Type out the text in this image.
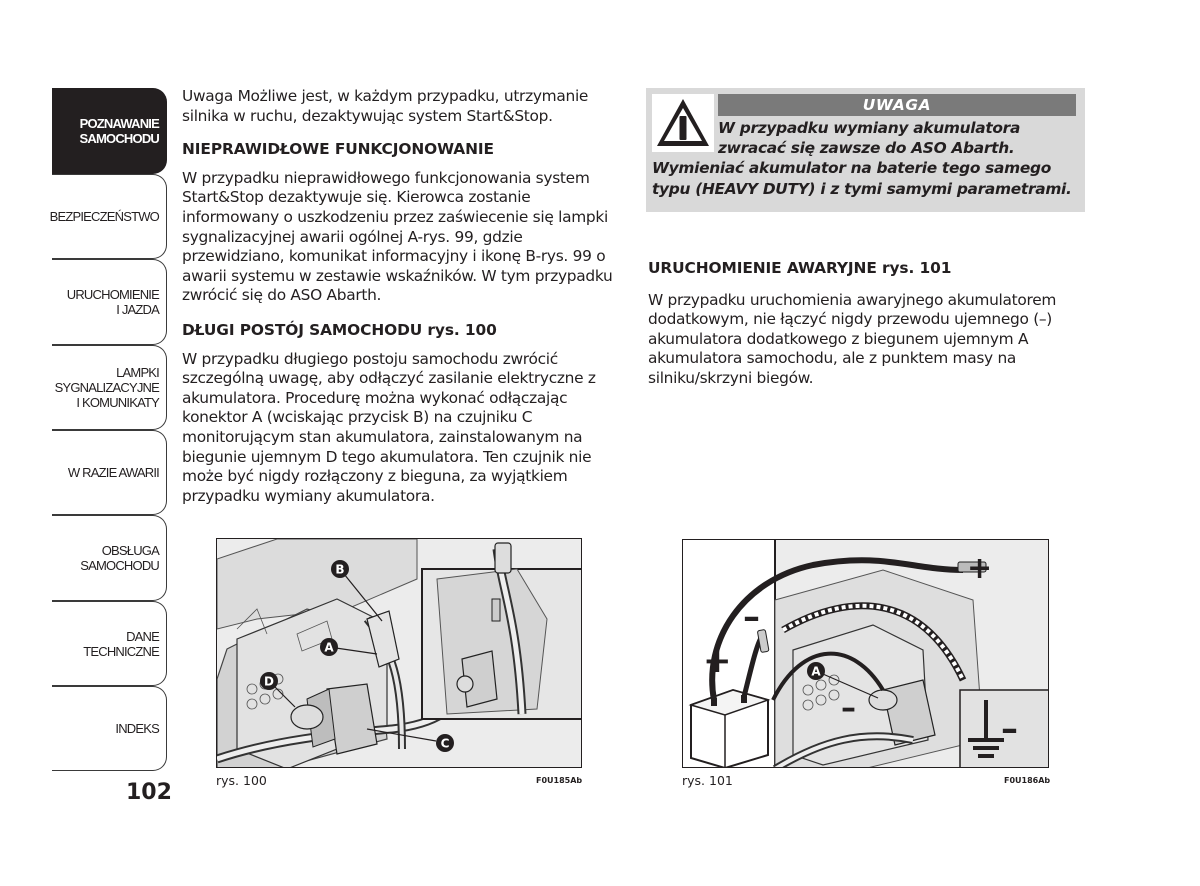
POZNAWANIE
SAMOCHODU
BEZPIECZEŃSTWO
URUCHOMIENIE
I JAZDA
LAMPKI
SYGNALIZACYJNE
I KOMUNIKATY
W RAZIE AWARII
OBSŁUGA
SAMOCHODU
DANE
TECHNICZNE
INDEKS
102

Uwaga Możliwe jest, w każdym przypadku, utrzymanie silnika w ruchu, dezaktywując system Start&Stop.

NIEPRAWIDŁOWE FUNKCJONOWANIE

W przypadku nieprawidłowego funkcjonowania system Start&Stop dezaktywuje się. Kierowca zostanie informowany o uszkodzeniu przez zaświecenie się lampki sygnalizacyjnej awarii ogólnej A-rys. 99, gdzie przewidziano, komunikat informacyjny i ikonę B-rys. 99 o awarii systemu w zestawie wskaźników. W tym przypadku zwrócić się do ASO Abarth.

DŁUGI POSTÓJ SAMOCHODU rys. 100

W przypadku długiego postoju samochodu zwrócić szczególną uwagę, aby odłączyć zasilanie elektryczne z akumulatora. Procedurę można wykonać odłączając konektor A (wciskając przycisk B) na czujniku C monitorującym stan akumulatora, zainstalowanym na biegunie ujemnym D tego akumulatora. Ten czujnik nie może być nigdy rozłączony z bieguna, za wyjątkiem przypadku wymiany akumulatora.

UWAGA
W przypadku wymiany akumulatora zwracać się zawsze do ASO Abarth.
Wymieniać akumulator na baterie tego samego typu (HEAVY DUTY) i z tymi samymi parametrami.
URUCHOMIENIE AWARYJNE rys. 101

W przypadku uruchomienia awaryjnego akumulatorem dodatkowym, nie łączyć nigdy przewodu ujemnego (–) akumulatora dodatkowego z biegunem ujemnym A akumulatora samochodu, ale z punktem masy na silniku/skrzyni biegów.

B
A
D
C
rys. 100	F0U185Ab
+
–
+
–
–
A
rys. 101	F0U186Ab
